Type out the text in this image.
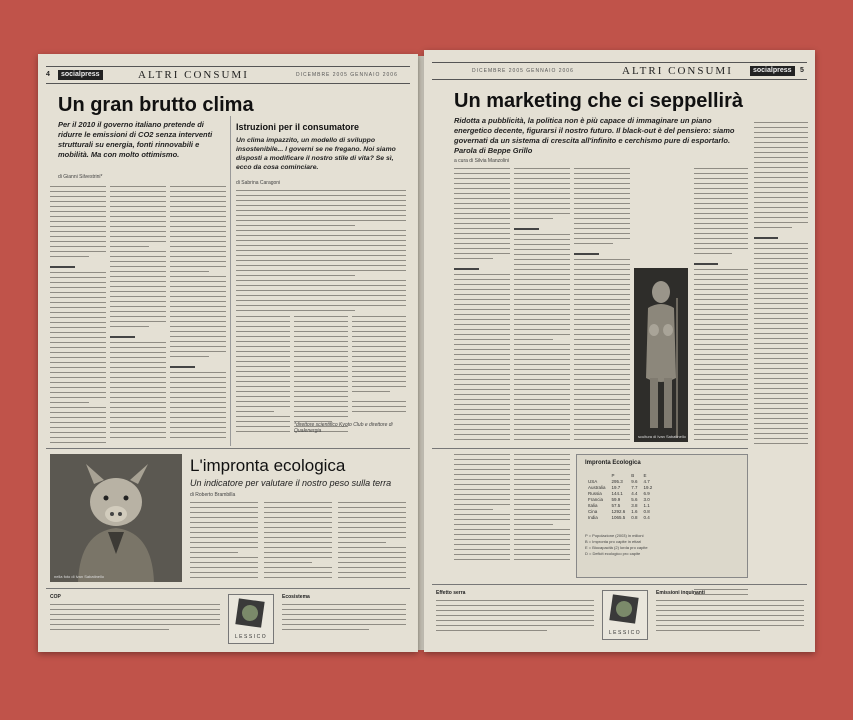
4	socialpress	ALTRI CONSUMI	DICEMBRE 2005 GENNAIO 2006
Un gran brutto clima
Per il 2010 il governo italiano pretende di ridurre le emissioni di CO2 senza interventi strutturali su energia, fonti rinnovabili e mobilità. Ma con molto ottimismo.
di Gianni Silvestrini*
Istruzioni per il consumatore
Un clima impazzito, un modello di sviluppo insostenibile... I governi se ne fregano. Noi siamo disposti a modificare il nostro stile di vita? Se sì, ecco da cosa cominciare.
di Sabrina Caragoni
*direttore scientifico Kyoto Club e direttore di Qualenergia
nella foto di Ivan Sabatinello
L'impronta ecologica
Un indicatore per valutare il nostro peso sulla terra
di Roberto Brambilla
COP
LESSICO
Ecosistema
DICEMBRE 2005 GENNAIO 2006	ALTRI CONSUMI	socialpress	5
Un marketing che ci seppellirà
Ridotta a pubblicità, la politica non è più capace di immaginare un piano energetico decente, figurarsi il nostro futuro. Il black-out è del pensiero: siamo governati da un sistema di crescita all'infinito e cerchismo pure di esportarlo. Parola di Beppe Grillo
a cura di Silvia Manzolini
scultura di Ivan Sabatinello
Impronta Ecologica
	P	B	E
USA	295.3	9.6	4.7
Australia	19.7	7.7	19.2
Russia	144.1	4.4	6.9
Francia	59.9	5.6	3.0
Italia	57.5	3.8	1.1
Cina	1292.6	1.6	0.8
India	1065.5	0.8	0.4
P = Popolazione (2003) in milioni
B = Impronta pro capite in ettari
E = Biocapacità (2) lorda pro capite
D = Deficit ecologico pro capite
Effetto serra
LESSICO
Emissioni inquinanti
